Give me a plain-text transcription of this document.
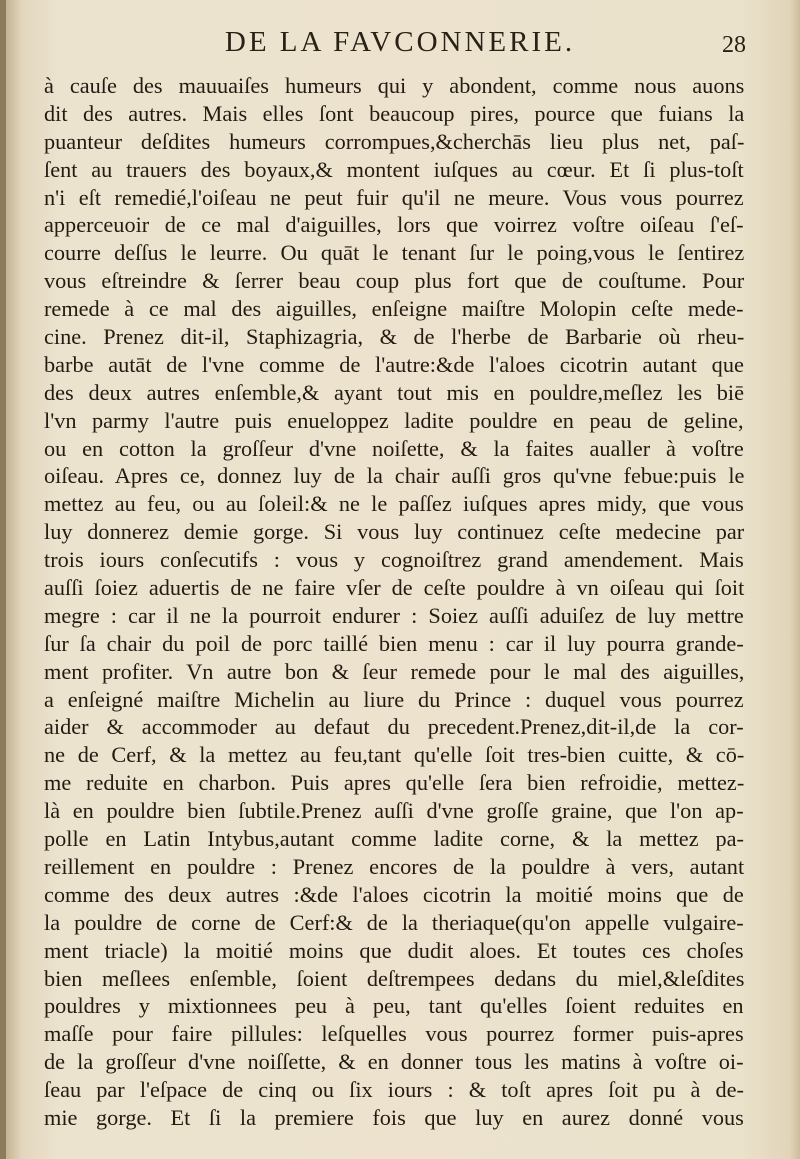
DE LA FAVCONNERIE.	28
à cauſe des mauuaiſes humeurs qui y abondent, comme nous auons
dit des autres. Mais elles ſont beaucoup pires, pource que fuians la
puanteur deſdites humeurs corrompues,&cherchās lieu plus net, paſ-
ſent au trauers des boyaux,& montent iuſques au cœur. Et ſi plus-toſt
n'i eſt remedié,l'oiſeau ne peut fuir qu'il ne meure. Vous vous pourrez
apperceuoir de ce mal d'aiguilles, lors que voirrez voſtre oiſeau ſ'eſ-
courre deſſus le leurre. Ou quāt le tenant ſur le poing,vous le ſentirez
vous eſtreindre & ſerrer beau coup plus fort que de couſtume. Pour
remede à ce mal des aiguilles, enſeigne maiſtre Molopin ceſte mede-
cine. Prenez dit-il, Staphizagria, & de l'herbe de Barbarie où rheu-
barbe autāt de l'vne comme de l'autre:&de l'aloes cicotrin autant que
des deux autres enſemble,& ayant tout mis en pouldre,meſlez les biē
l'vn parmy l'autre puis enueloppez ladite pouldre en peau de geline,
ou en cotton la groſſeur d'vne noiſette, & la faites aualler à voſtre
oiſeau. Apres ce, donnez luy de la chair auſſi gros qu'vne febue:puis le
mettez au feu, ou au ſoleil:& ne le paſſez iuſques apres midy, que vous
luy donnerez demie gorge. Si vous luy continuez ceſte medecine par
trois iours conſecutifs : vous y cognoiſtrez grand amendement. Mais
auſſi ſoiez aduertis de ne faire vſer de ceſte pouldre à vn oiſeau qui ſoit
megre : car il ne la pourroit endurer : Soiez auſſi aduiſez de luy mettre
ſur ſa chair du poil de porc taillé bien menu : car il luy pourra grande-
ment profiter. Vn autre bon & ſeur remede pour le mal des aiguilles,
a enſeigné maiſtre Michelin au liure du Prince : duquel vous pourrez
aider & accommoder au defaut du precedent.Prenez,dit-il,de la cor-
ne de Cerf, & la mettez au feu,tant qu'elle ſoit tres-bien cuitte, & cō-
me reduite en charbon. Puis apres qu'elle ſera bien refroidie, mettez-
là en pouldre bien ſubtile.Prenez auſſi d'vne groſſe graine, que l'on ap-
polle en Latin Intybus,autant comme ladite corne, & la mettez pa-
reillement en pouldre : Prenez encores de la pouldre à vers, autant
comme des deux autres :&de l'aloes cicotrin la moitié moins que de
la pouldre de corne de Cerf:& de la theriaque(qu'on appelle vulgaire-
ment triacle) la moitié moins que dudit aloes. Et toutes ces choſes
bien meſlees enſemble, ſoient deſtrempees dedans du miel,&leſdites
pouldres y mixtionnees peu à peu, tant qu'elles ſoient reduites en
maſſe pour faire pillules: leſquelles vous pourrez former puis-apres
de la groſſeur d'vne noiſſette, & en donner tous les matins à voſtre oi-
ſeau par l'eſpace de cinq ou ſix iours : & toſt apres ſoit pu à de-
mie gorge. Et ſi la premiere fois que luy en aurez donné vous
